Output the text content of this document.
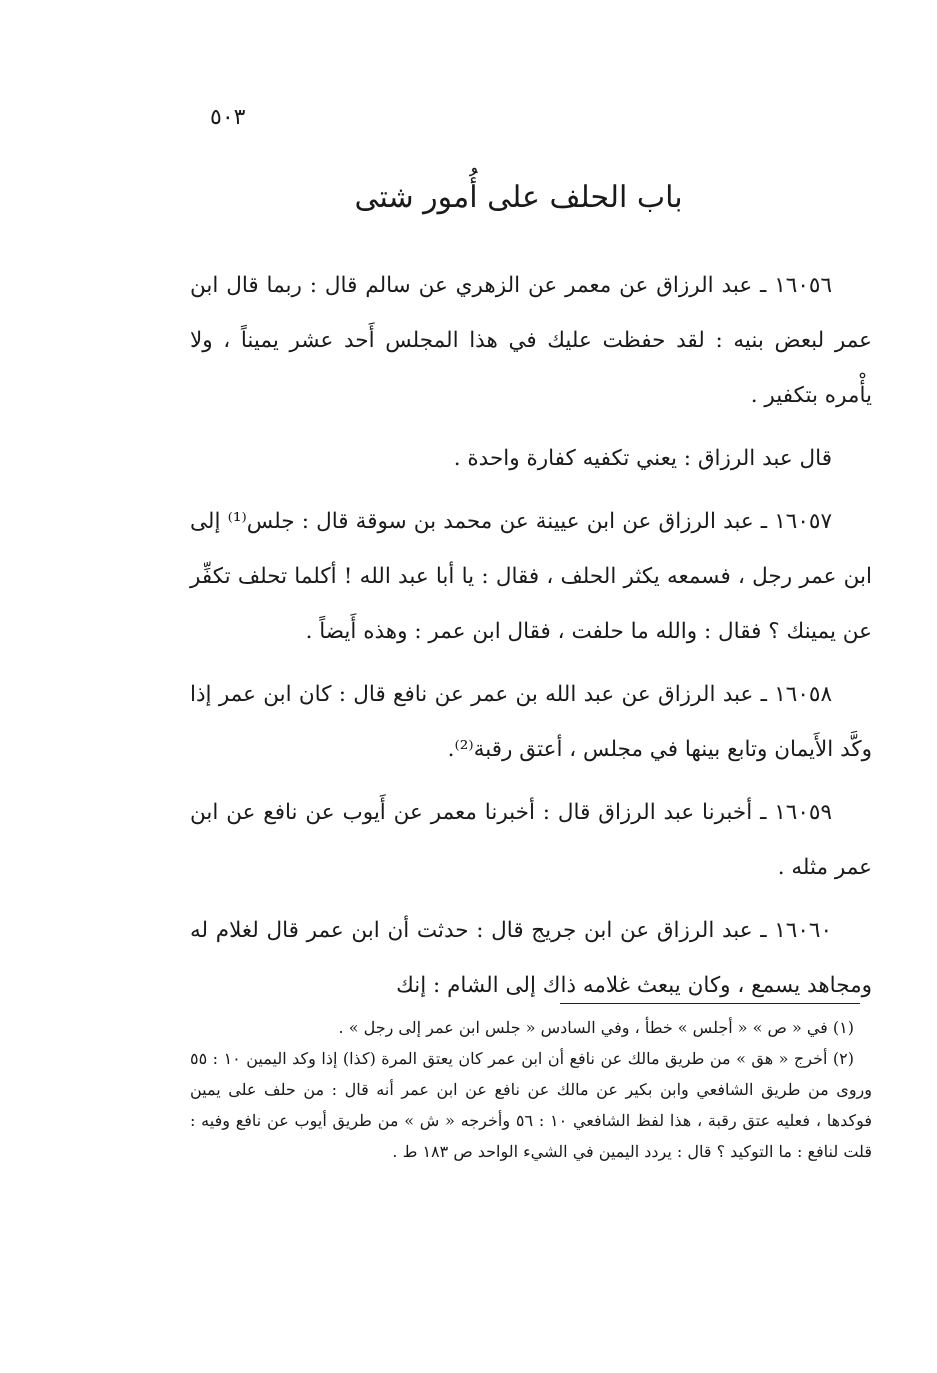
٥٠٣
باب الحلف على أُمور شتى

١٦٠٥٦ ـ عبد الرزاق عن معمر عن الزهري عن سالم قال : ربما قال ابن عمر لبعض بنيه : لقد حفظت عليك في هذا المجلس أَحد عشر يميناً ، ولا يأْمره بتكفير .

قال عبد الرزاق : يعني تكفيه كفارة واحدة .

١٦٠٥٧ ـ عبد الرزاق عن ابن عيينة عن محمد بن سوقة قال : جلس⁽¹⁾ إلى ابن عمر رجل ، فسمعه يكثر الحلف ، فقال : يا أبا عبد الله ! أكلما تحلف تكفِّر عن يمينك ؟ فقال : والله ما حلفت ، فقال ابن عمر : وهذه أَيضاً .

١٦٠٥٨ ـ عبد الرزاق عن عبد الله بن عمر عن نافع قال : كان ابن عمر إذا وكَّد الأَيمان وتابع بينها في مجلس ، أعتق رقبة⁽²⁾.

١٦٠٥٩ ـ أخبرنا عبد الرزاق قال : أخبرنا معمر عن أَيوب عن نافع عن ابن عمر مثله .

١٦٠٦٠ ـ عبد الرزاق عن ابن جريج قال : حدثت أن ابن عمر قال لغلام له ومجاهد يسمع ، وكان يبعث غلامه ذاك إلى الشام : إنك

(١) في « ص » « أجلس » خطأ ، وفي السادس « جلس ابن عمر إلى رجل » .

(٢) أخرج « هق » من طريق مالك عن نافع أن ابن عمر كان يعتق المرة (كذا) إذا وكد اليمين ١٠ : ٥٥ وروى من طريق الشافعي وابن بكير عن مالك عن نافع عن ابن عمر أنه قال : من حلف على يمين فوكدها ، فعليه عتق رقبة ، هذا لفظ الشافعي ١٠ : ٥٦ وأخرجه « ش » من طريق أيوب عن نافع وفيه : قلت لنافع : ما التوكيد ؟ قال : يردد اليمين في الشيء الواحد ص ١٨٣ ط .
